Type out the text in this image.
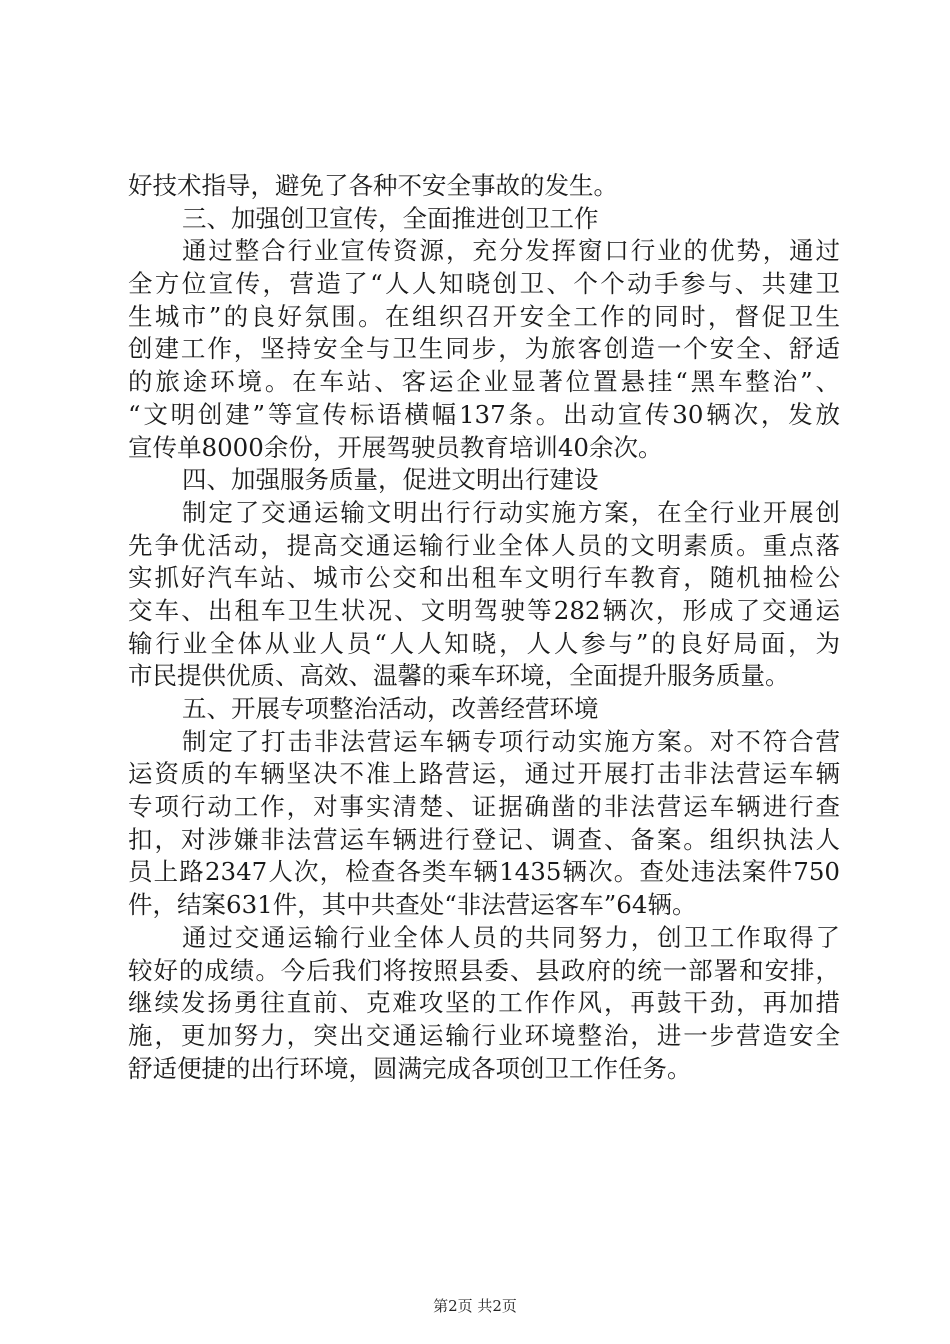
好技术指导，避免了各种不安全事故的发生。
三、加强创卫宣传，全面推进创卫工作
通过整合行业宣传资源，充分发挥窗口行业的优势，通过
全方位宣传，营造了“人人知晓创卫、个个动手参与、共建卫
生城市”的良好氛围。在组织召开安全工作的同时，督促卫生
创建工作，坚持安全与卫生同步，为旅客创造一个安全、舒适
的旅途环境。在车站、客运企业显著位置悬挂“黑车整治”、
“文明创建”等宣传标语横幅137条。出动宣传30辆次，发放
宣传单8000余份，开展驾驶员教育培训40余次。
四、加强服务质量，促进文明出行建设
制定了交通运输文明出行行动实施方案，在全行业开展创
先争优活动，提高交通运输行业全体人员的文明素质。重点落
实抓好汽车站、城市公交和出租车文明行车教育，随机抽检公
交车、出租车卫生状况、文明驾驶等282辆次，形成了交通运
输行业全体从业人员“人人知晓，人人参与”的良好局面，为
市民提供优质、高效、温馨的乘车环境，全面提升服务质量。
五、开展专项整治活动，改善经营环境
制定了打击非法营运车辆专项行动实施方案。对不符合营
运资质的车辆坚决不准上路营运，通过开展打击非法营运车辆
专项行动工作，对事实清楚、证据确凿的非法营运车辆进行查
扣，对涉嫌非法营运车辆进行登记、调查、备案。组织执法人
员上路2347人次，检查各类车辆1435辆次。查处违法案件750
件，结案631件，其中共查处“非法营运客车”64辆。
通过交通运输行业全体人员的共同努力，创卫工作取得了
较好的成绩。今后我们将按照县委、县政府的统一部署和安排，
继续发扬勇往直前、克难攻坚的工作作风，再鼓干劲，再加措
施，更加努力，突出交通运输行业环境整治，进一步营造安全
舒适便捷的出行环境，圆满完成各项创卫工作任务。
第2页 共2页
